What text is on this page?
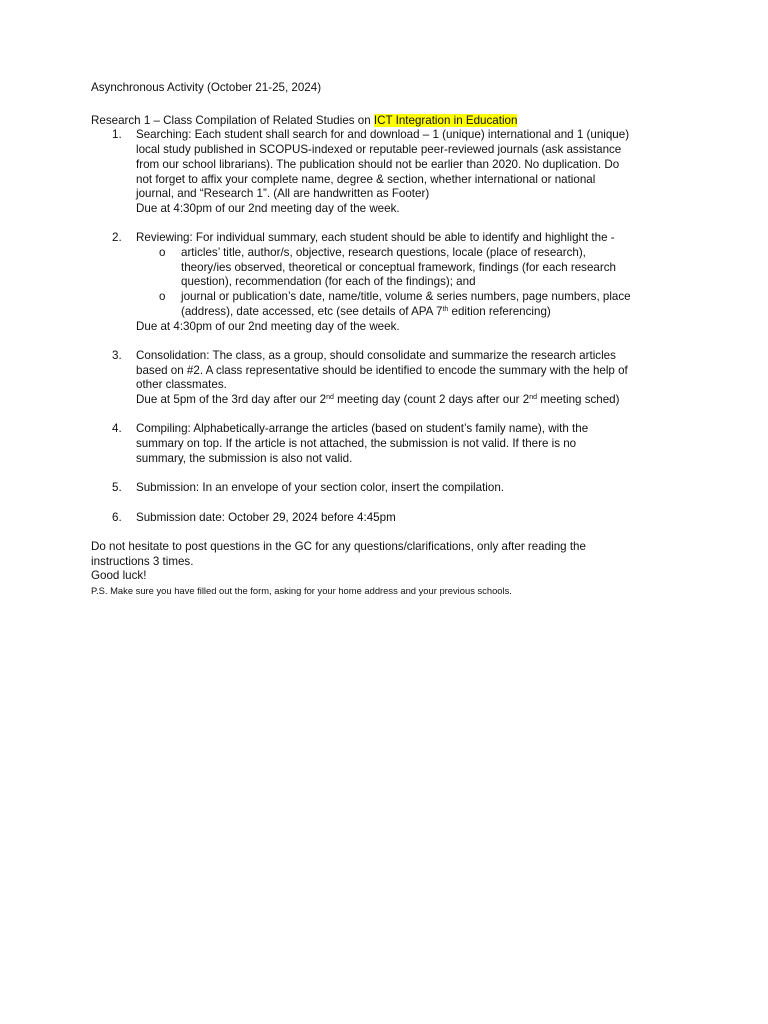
Asynchronous Activity (October 21-25, 2024)

Research 1 – Class Compilation of Related Studies on ICT Integration in Education

1. Searching: Each student shall search for and download – 1 (unique) international and 1 (unique)
local study published in SCOPUS-indexed or reputable peer-reviewed journals (ask assistance
from our school librarians). The publication should not be earlier than 2020. No duplication. Do
not forget to affix your complete name, degree & section, whether international or national
journal, and “Research 1”. (All are handwritten as Footer)
Due at 4:30pm of our 2nd meeting day of the week.
2. Reviewing: For individual summary, each student should be able to identify and highlight the -
o articles’ title, author/s, objective, research questions, locale (place of research),
theory/ies observed, theoretical or conceptual framework, findings (for each research
question), recommendation (for each of the findings); and
o journal or publication’s date, name/title, volume & series numbers, page numbers, place
(address), date accessed, etc (see details of APA 7th edition referencing)
Due at 4:30pm of our 2nd meeting day of the week.
3. Consolidation: The class, as a group, should consolidate and summarize the research articles
based on #2. A class representative should be identified to encode the summary with the help of
other classmates.
Due at 5pm of the 3rd day after our 2nd meeting day (count 2 days after our 2nd meeting sched)
4. Compiling: Alphabetically-arrange the articles (based on student’s family name), with the
summary on top. If the article is not attached, the submission is not valid. If there is no
summary, the submission is also not valid.
5. Submission: In an envelope of your section color, insert the compilation.
6. Submission date: October 29, 2024 before 4:45pm
Do not hesitate to post questions in the GC for any questions/clarifications, only after reading the
instructions 3 times.
Good luck!

P.S. Make sure you have filled out the form, asking for your home address and your previous schools.
